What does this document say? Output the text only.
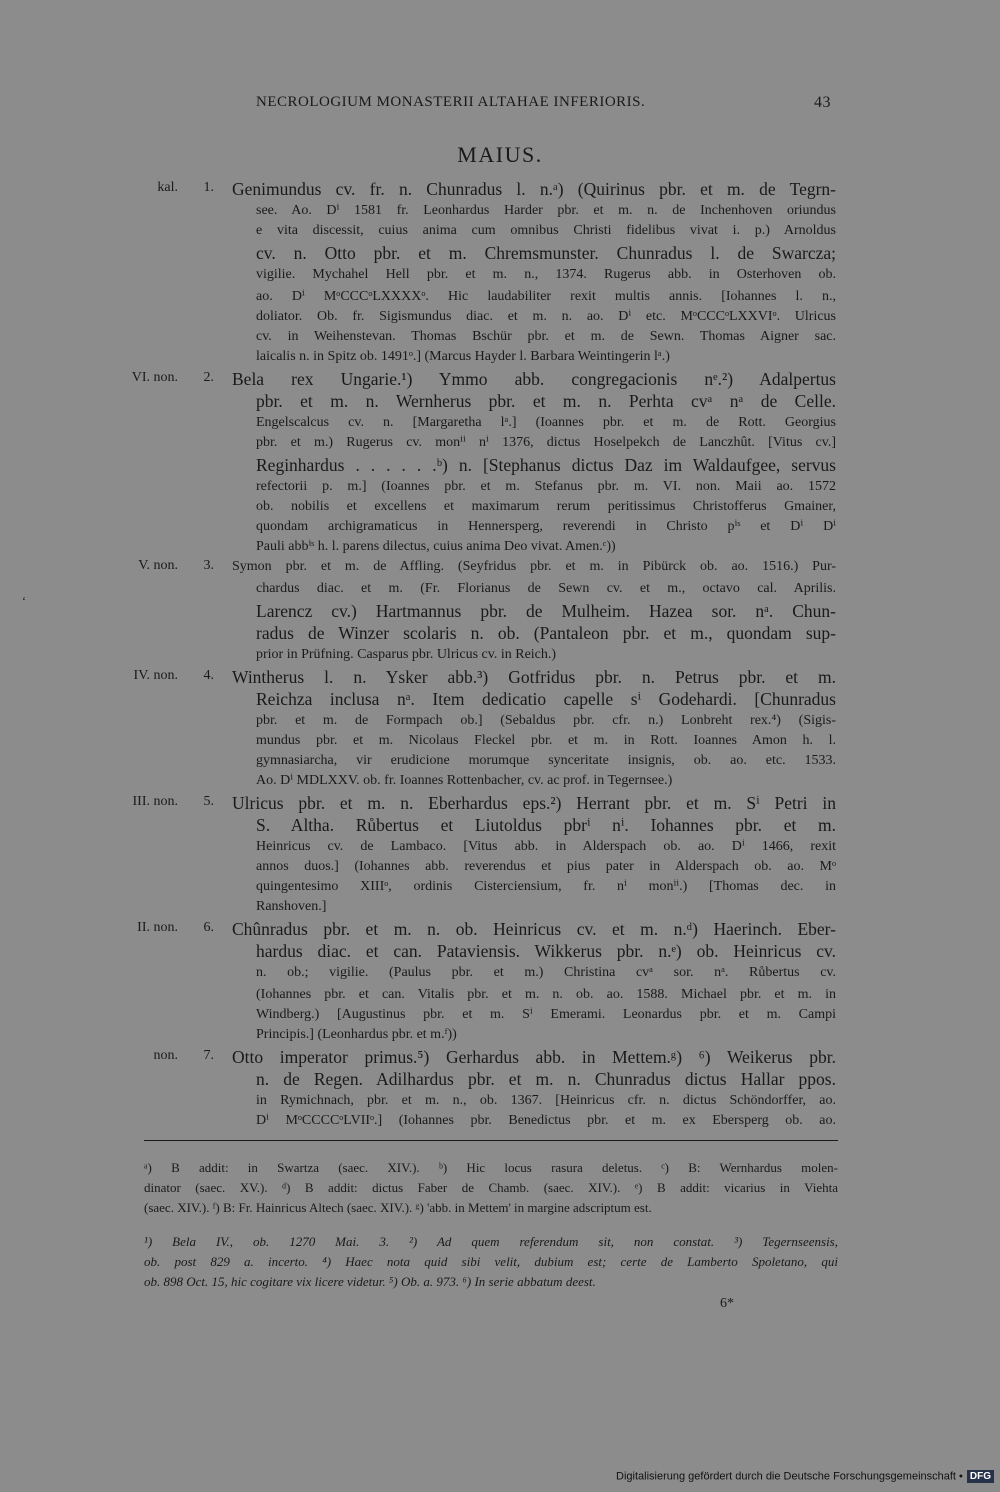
NECROLOGIUM MONASTERII ALTAHAE INFERIORIS.	43
MAIUS.
‘
kal.	1. Genimundus cv. fr. n. Chunradus l. n.ᵃ) (Quirinus pbr. et m. de Tegrn-
see. Ao. Dⁱ 1581 fr. Leonhardus Harder pbr. et m. n. de Inchenhoven oriundus
e vita discessit, cuius anima cum omnibus Christi fidelibus vivat i. p.) Arnoldus
cv. n. Otto pbr. et m. Chremsmunster. Chunradus l. de Swarcza;
vigilie. Mychahel Hell pbr. et m. n., 1374. Rugerus abb. in Osterhoven ob.
ao. Dⁱ MᵒCCCᵒLXXXXᵒ. Hic laudabiliter rexit multis annis. [Iohannes l. n.,
doliator. Ob. fr. Sigismundus diac. et m. n. ao. Dⁱ etc. MᵒCCCᵒLXXVIᵒ. Ulricus
cv. in Weihenstevan. Thomas Bschür pbr. et m. de Sewn. Thomas Aigner sac.
laicalis n. in Spitz ob. 1491ᵒ.] (Marcus Hayder l. Barbara Weintingerin lᵃ.)
VI. non.	2. Bela rex Ungarie.¹) Ymmo abb. congregacionis nᵉ.²) Adalpertus
pbr. et m. n. Wernherus pbr. et m. n. Perhta cvᵃ nᵃ de Celle.
Engelscalcus cv. n. [Margaretha lᵃ.] (Ioannes pbr. et m. de Rott. Georgius
pbr. et m.) Rugerus cv. monⁱⁱ nⁱ 1376, dictus Hoselpekch de Lanczhût. [Vitus cv.]
Reginhardus . . . . . .ᵇ) n. [Stephanus dictus Daz im Waldaufgee, servus
refectorii p. m.] (Ioannes pbr. et m. Stefanus pbr. m. VI. non. Maii ao. 1572
ob. nobilis et excellens et maximarum rerum peritissimus Christofferus Gmainer,
quondam archigramaticus in Hennersperg, reverendi in Christo pⁱˢ et Dⁱ Dⁱ
Pauli abbⁱˢ h. l. parens dilectus, cuius anima Deo vivat. Amen.ᶜ))
V. non.	3. Symon pbr. et m. de Affling. (Seyfridus pbr. et m. in Pibürck ob. ao. 1516.) Pur-
chardus diac. et m. (Fr. Florianus de Sewn cv. et m., octavo cal. Aprilis.
Larencz cv.) Hartmannus pbr. de Mulheim. Hazea sor. nᵃ. Chun-
radus de Winzer scolaris n. ob. (Pantaleon pbr. et m., quondam sup-
prior in Prüfning. Casparus pbr. Ulricus cv. in Reich.)
IV. non.	4. Wintherus l. n. Ysker abb.³) Gotfridus pbr. n. Petrus pbr. et m.
Reichza inclusa nᵃ. Item dedicatio capelle sⁱ Godehardi. [Chunradus
pbr. et m. de Formpach ob.] (Sebaldus pbr. cfr. n.) Lonbreht rex.⁴) (Sigis-
mundus pbr. et m. Nicolaus Fleckel pbr. et m. in Rott. Ioannes Amon h. l.
gymnasiarcha, vir erudicione morumque synceritate insignis, ob. ao. etc. 1533.
Ao. Dⁱ MDLXXV. ob. fr. Ioannes Rottenbacher, cv. ac prof. in Tegernsee.)
III. non.	5. Ulricus pbr. et m. n. Eberhardus eps.²) Herrant pbr. et m. Sⁱ Petri in
S. Altha. Růbertus et Liutoldus pbrⁱ nⁱ. Iohannes pbr. et m.
Heinricus cv. de Lambaco. [Vitus abb. in Alderspach ob. ao. Dⁱ 1466, rexit
annos duos.] (Iohannes abb. reverendus et pius pater in Alderspach ob. ao. Mᵒ
quingentesimo XIIIᵒ, ordinis Cisterciensium, fr. nⁱ monⁱⁱ.) [Thomas dec. in
Ranshoven.]
II. non.	6. Chûnradus pbr. et m. n. ob. Heinricus cv. et m. n.ᵈ) Haerinch. Eber-
hardus diac. et can. Pataviensis. Wikkerus pbr. n.ᵉ) ob. Heinricus cv.
n. ob.; vigilie. (Paulus pbr. et m.) Christina cvᵃ sor. nᵃ. Růbertus cv.
(Iohannes pbr. et can. Vitalis pbr. et m. n. ob. ao. 1588. Michael pbr. et m. in
Windberg.) [Augustinus pbr. et m. Sⁱ Emerami. Leonardus pbr. et m. Campi
Principis.] (Leonhardus pbr. et m.ᶠ))
non.	7. Otto imperator primus.⁵) Gerhardus abb. in Mettem.ᵍ) ⁶) Weikerus pbr.
n. de Regen. Adilhardus pbr. et m. n. Chunradus dictus Hallar ppos.
in Rymichnach, pbr. et m. n., ob. 1367. [Heinricus cfr. n. dictus Schöndorffer, ao.
Dⁱ MᵒCCCCᵒLVIIᵒ.] (Iohannes pbr. Benedictus pbr. et m. ex Ebersperg ob. ao.
ᵃ) B addit: in Swartza (saec. XIV.). ᵇ) Hic locus rasura deletus. ᶜ) B: Wernhardus molen-
dinator (saec. XV.). ᵈ) B addit: dictus Faber de Chamb. (saec. XIV.). ᵉ) B addit: vicarius in Viehta
(saec. XIV.). ᶠ) B: Fr. Hainricus Altech (saec. XIV.). ᵍ) 'abb. in Mettem' in margine adscriptum est.
¹) Bela IV., ob. 1270 Mai. 3. ²) Ad quem referendum sit, non constat. ³) Tegernseensis,
ob. post 829 a. incerto. ⁴) Haec nota quid sibi velit, dubium est; certe de Lamberto Spoletano, qui
ob. 898 Oct. 15, hic cogitare vix licere videtur. ⁵) Ob. a. 973. ⁶) In serie abbatum deest.
6*
Digitalisierung gefördert durch die Deutsche Forschungsgemeinschaft • DFG
